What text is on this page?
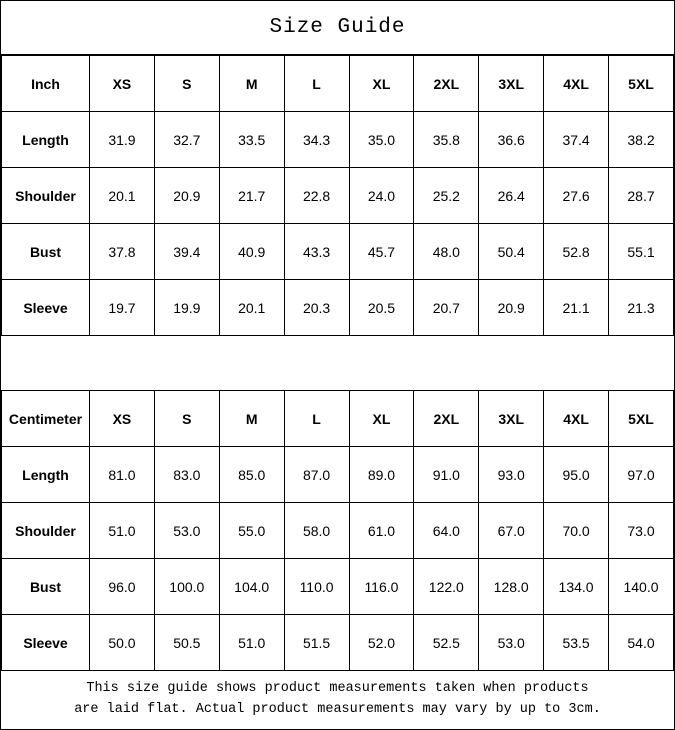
Size Guide
Inch	XS	S	M	L	XL	2XL	3XL	4XL	5XL
Length	31.9	32.7	33.5	34.3	35.0	35.8	36.6	37.4	38.2
Shoulder	20.1	20.9	21.7	22.8	24.0	25.2	26.4	27.6	28.7
Bust	37.8	39.4	40.9	43.3	45.7	48.0	50.4	52.8	55.1
Sleeve	19.7	19.9	20.1	20.3	20.5	20.7	20.9	21.1	21.3
Centimeter	XS	S	M	L	XL	2XL	3XL	4XL	5XL
Length	81.0	83.0	85.0	87.0	89.0	91.0	93.0	95.0	97.0
Shoulder	51.0	53.0	55.0	58.0	61.0	64.0	67.0	70.0	73.0
Bust	96.0	100.0	104.0	110.0	116.0	122.0	128.0	134.0	140.0
Sleeve	50.0	50.5	51.0	51.5	52.0	52.5	53.0	53.5	54.0
This size guide shows product measurements taken when products
are laid flat. Actual product measurements may vary by up to 3cm.
